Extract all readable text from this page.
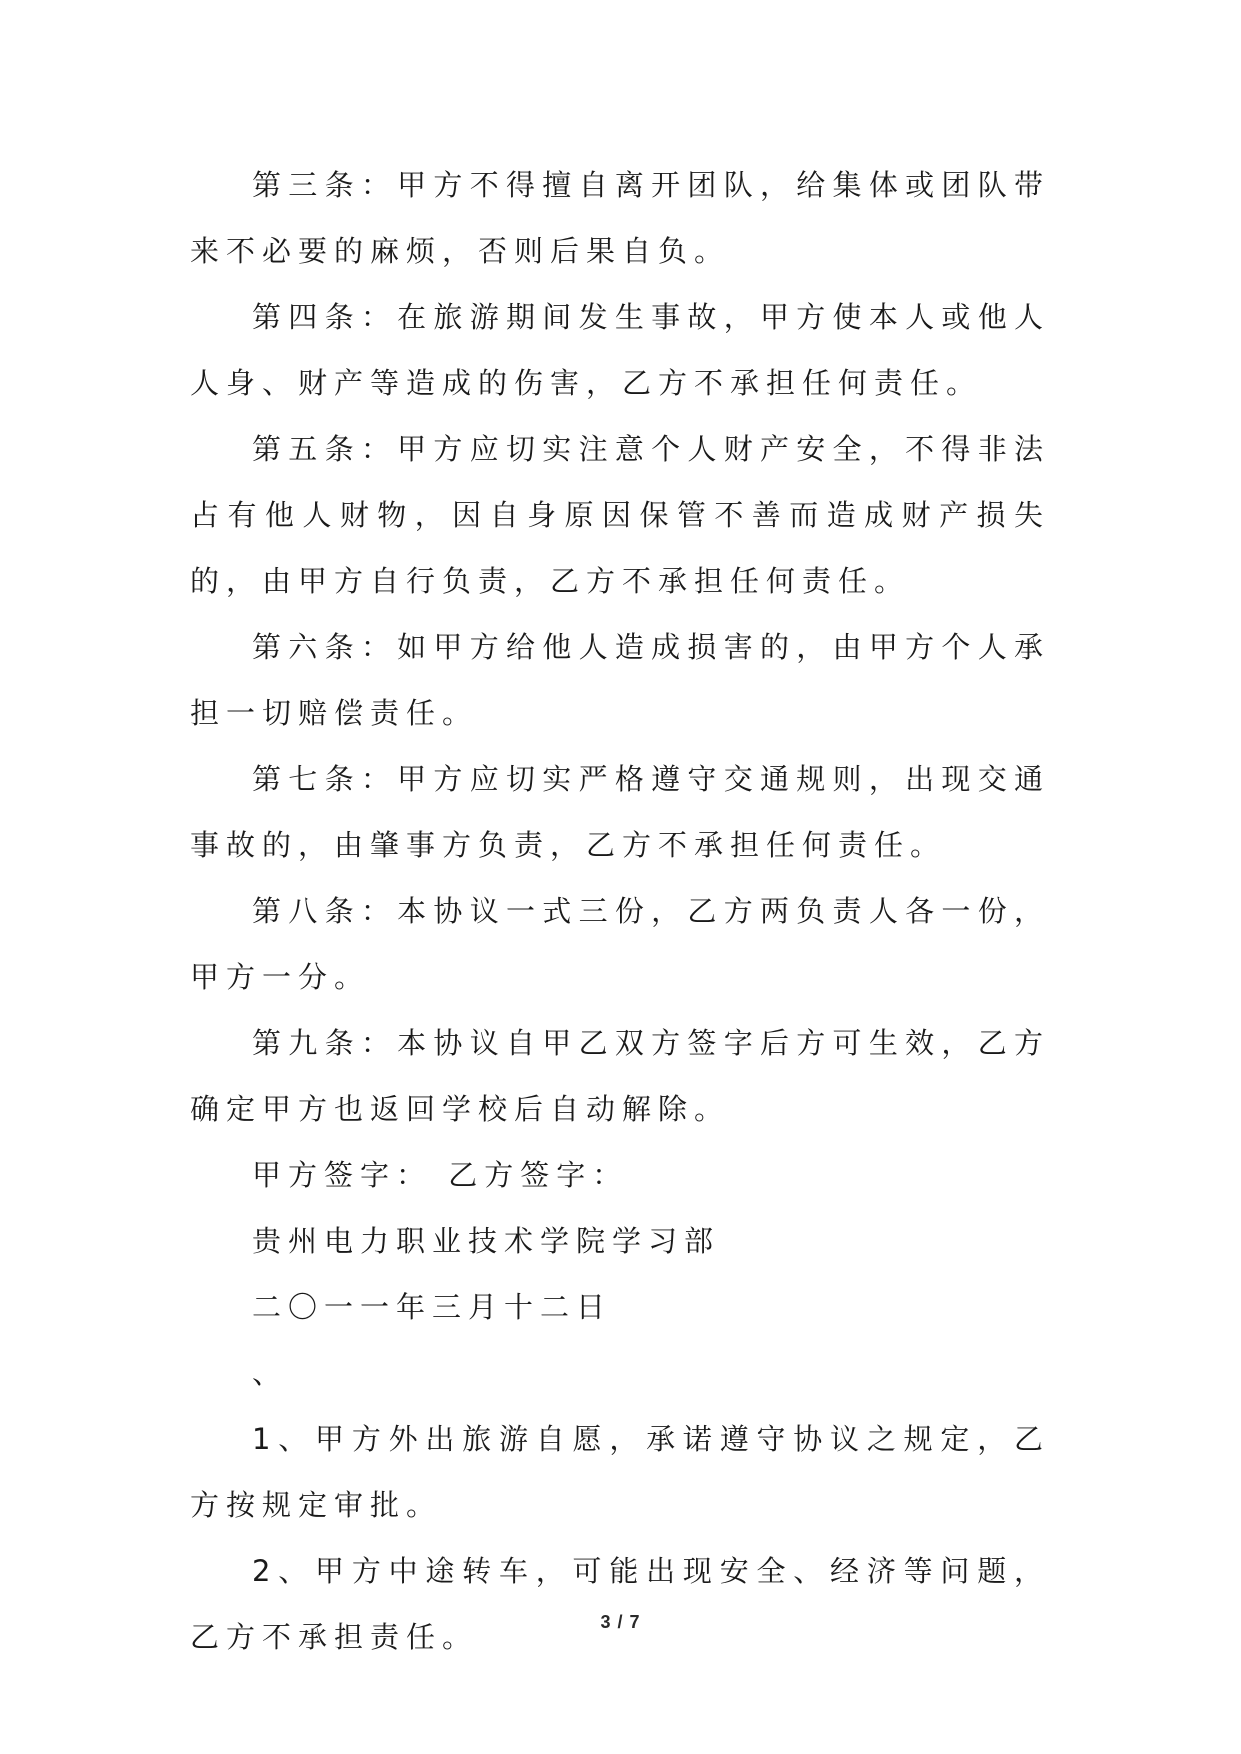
第三条：甲方不得擅自离开团队，给集体或团队带来不必要的麻烦，否则后果自负。

第四条：在旅游期间发生事故，甲方使本人或他人人身、财产等造成的伤害，乙方不承担任何责任。

第五条：甲方应切实注意个人财产安全，不得非法占有他人财物，因自身原因保管不善而造成财产损失的，由甲方自行负责，乙方不承担任何责任。

第六条：如甲方给他人造成损害的，由甲方个人承担一切赔偿责任。

第七条：甲方应切实严格遵守交通规则，出现交通事故的，由肇事方负责，乙方不承担任何责任。

第八条：本协议一式三份，乙方两负责人各一份，甲方一分。

第九条：本协议自甲乙双方签字后方可生效，乙方确定甲方也返回学校后自动解除。

甲方签字： 乙方签字：

贵州电力职业技术学院学习部

二〇一一年三月十二日

、

1、甲方外出旅游自愿，承诺遵守协议之规定，乙方按规定审批。

2、甲方中途转车，可能出现安全、经济等问题，乙方不承担责任。	3 / 7
